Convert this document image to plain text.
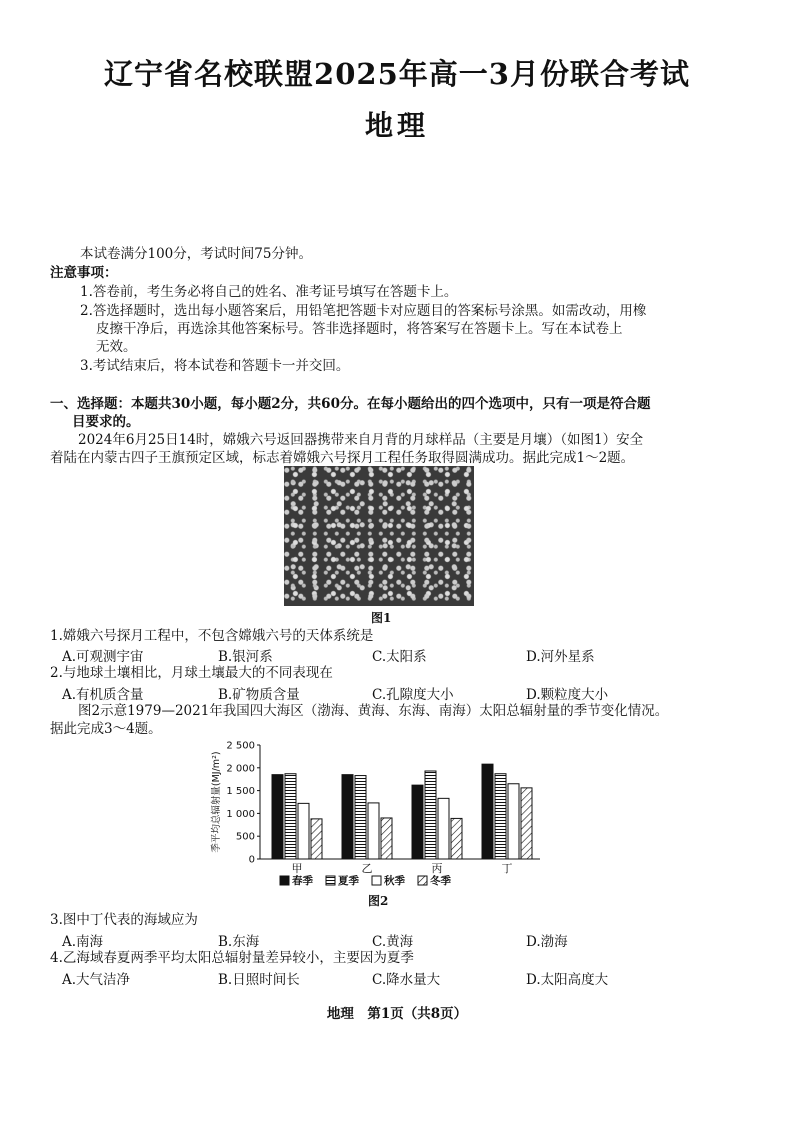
辽宁省名校联盟2025年高一3月份联合考试
地理
本试卷满分100分，考试时间75分钟。
注意事项：
1.答卷前，考生务必将自己的姓名、准考证号填写在答题卡上。
2.答选择题时，选出每小题答案后，用铅笔把答题卡对应题目的答案标号涂黑。如需改动，用橡
皮擦干净后，再选涂其他答案标号。答非选择题时，将答案写在答题卡上。写在本试卷上
无效。
3.考试结束后，将本试卷和答题卡一并交回。
一、选择题：本题共30小题，每小题2分，共60分。在每小题给出的四个选项中，只有一项是符合题
目要求的。
2024年6月25日14时，嫦娥六号返回器携带来自月背的月球样品（主要是月壤）（如图1）安全
着陆在内蒙古四子王旗预定区域，标志着嫦娥六号探月工程任务取得圆满成功。据此完成1～2题。
图1
1.嫦娥六号探月工程中，不包含嫦娥六号的天体系统是
A.可观测宇宙	B.银河系	C.太阳系	D.河外星系
2.与地球土壤相比，月球土壤最大的不同表现在
A.有机质含量	B.矿物质含量	C.孔隙度大小	D.颗粒度大小
图2示意1979—2021年我国四大海区（渤海、黄海、东海、南海）太阳总辐射量的季节变化情况。
据此完成3～4题。
0
500
1 000
1 500
2 000
2 500
季平均总辐射量(MJ/m²)
甲	乙	丙	丁
春季 夏季 秋季 冬季
图2
3.图中丁代表的海域应为
A.南海	B.东海	C.黄海	D.渤海
4.乙海域春夏两季平均太阳总辐射量差异较小，主要因为夏季
A.大气洁净	B.日照时间长	C.降水量大	D.太阳高度大
地理　第1页（共8页）
